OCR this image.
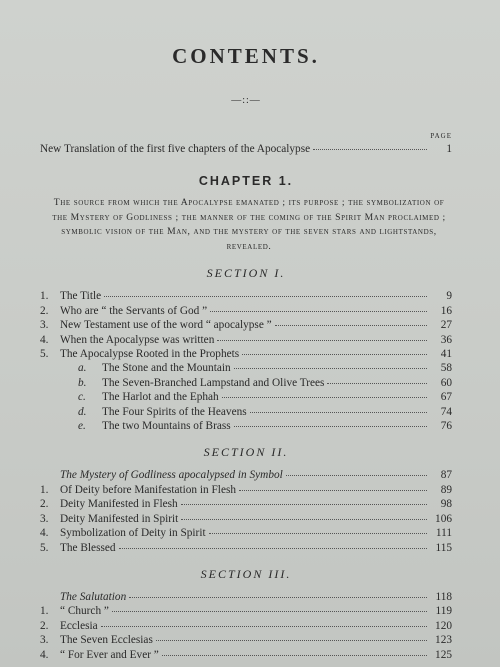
CONTENTS.
—::—
PAGE
New Translation of the first five chapters of the Apocalypse	1
CHAPTER 1.
The source from which the Apocalypse emanated ; its purpose ; the symbolization of the Mystery of Godliness ; the manner of the coming of the Spirit Man proclaimed ; symbolic vision of the Man, and the mystery of the seven stars and lightstands, revealed.
SECTION I.
1.	The Title	9
2.	Who are “ the Servants of God ”	16
3.	New Testament use of the word “ apocalypse ”	27
4.	When the Apocalypse was written	36
5.	The Apocalypse Rooted in the Prophets	41
a.	The Stone and the Mountain	58
b.	The Seven-Branched Lampstand and Olive Trees	60
c.	The Harlot and the Ephah	67
d.	The Four Spirits of the Heavens	74
e.	The two Mountains of Brass	76
SECTION II.
The Mystery of Godliness apocalypsed in Symbol	87
1.	Of Deity before Manifestation in Flesh	89
2.	Deity Manifested in Flesh	98
3.	Deity Manifested in Spirit	106
4.	Symbolization of Deity in Spirit	111
5.	The Blessed	115
SECTION III.
The Salutation	118
1.	“ Church ”	119
2.	Ecclesia	120
3.	The Seven Ecclesias	123
4.	“ For Ever and Ever ”	125
